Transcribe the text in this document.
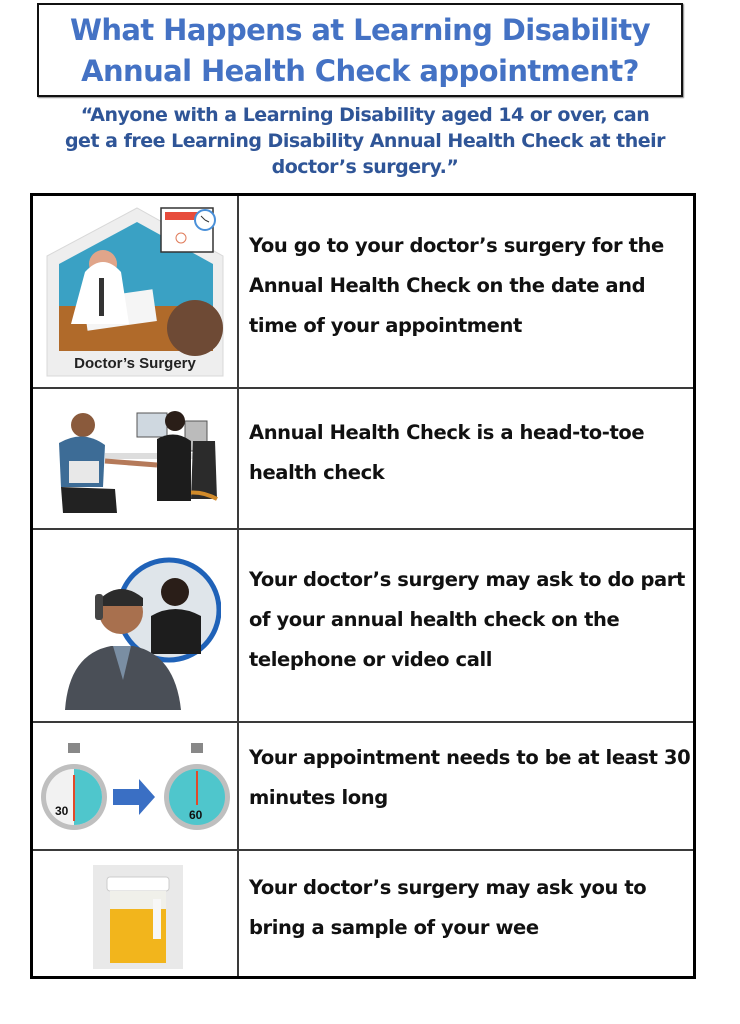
What Happens at Learning Disability
Annual Health Check appointment?
“Anyone with a Learning Disability aged 14 or over, can
get a free Learning Disability Annual Health Check at their
doctor’s surgery.”
Doctor’s Surgery
You go to your doctor’s surgery for the
Annual Health Check on the date and
time of your appointment
Annual Health Check is a head-to-toe
health check
Your doctor’s surgery may ask to do part
of your annual health check on the
telephone or video call
30	60
Your appointment needs to be at least 30
minutes long
Your doctor’s surgery may ask you to
bring a sample of your wee
